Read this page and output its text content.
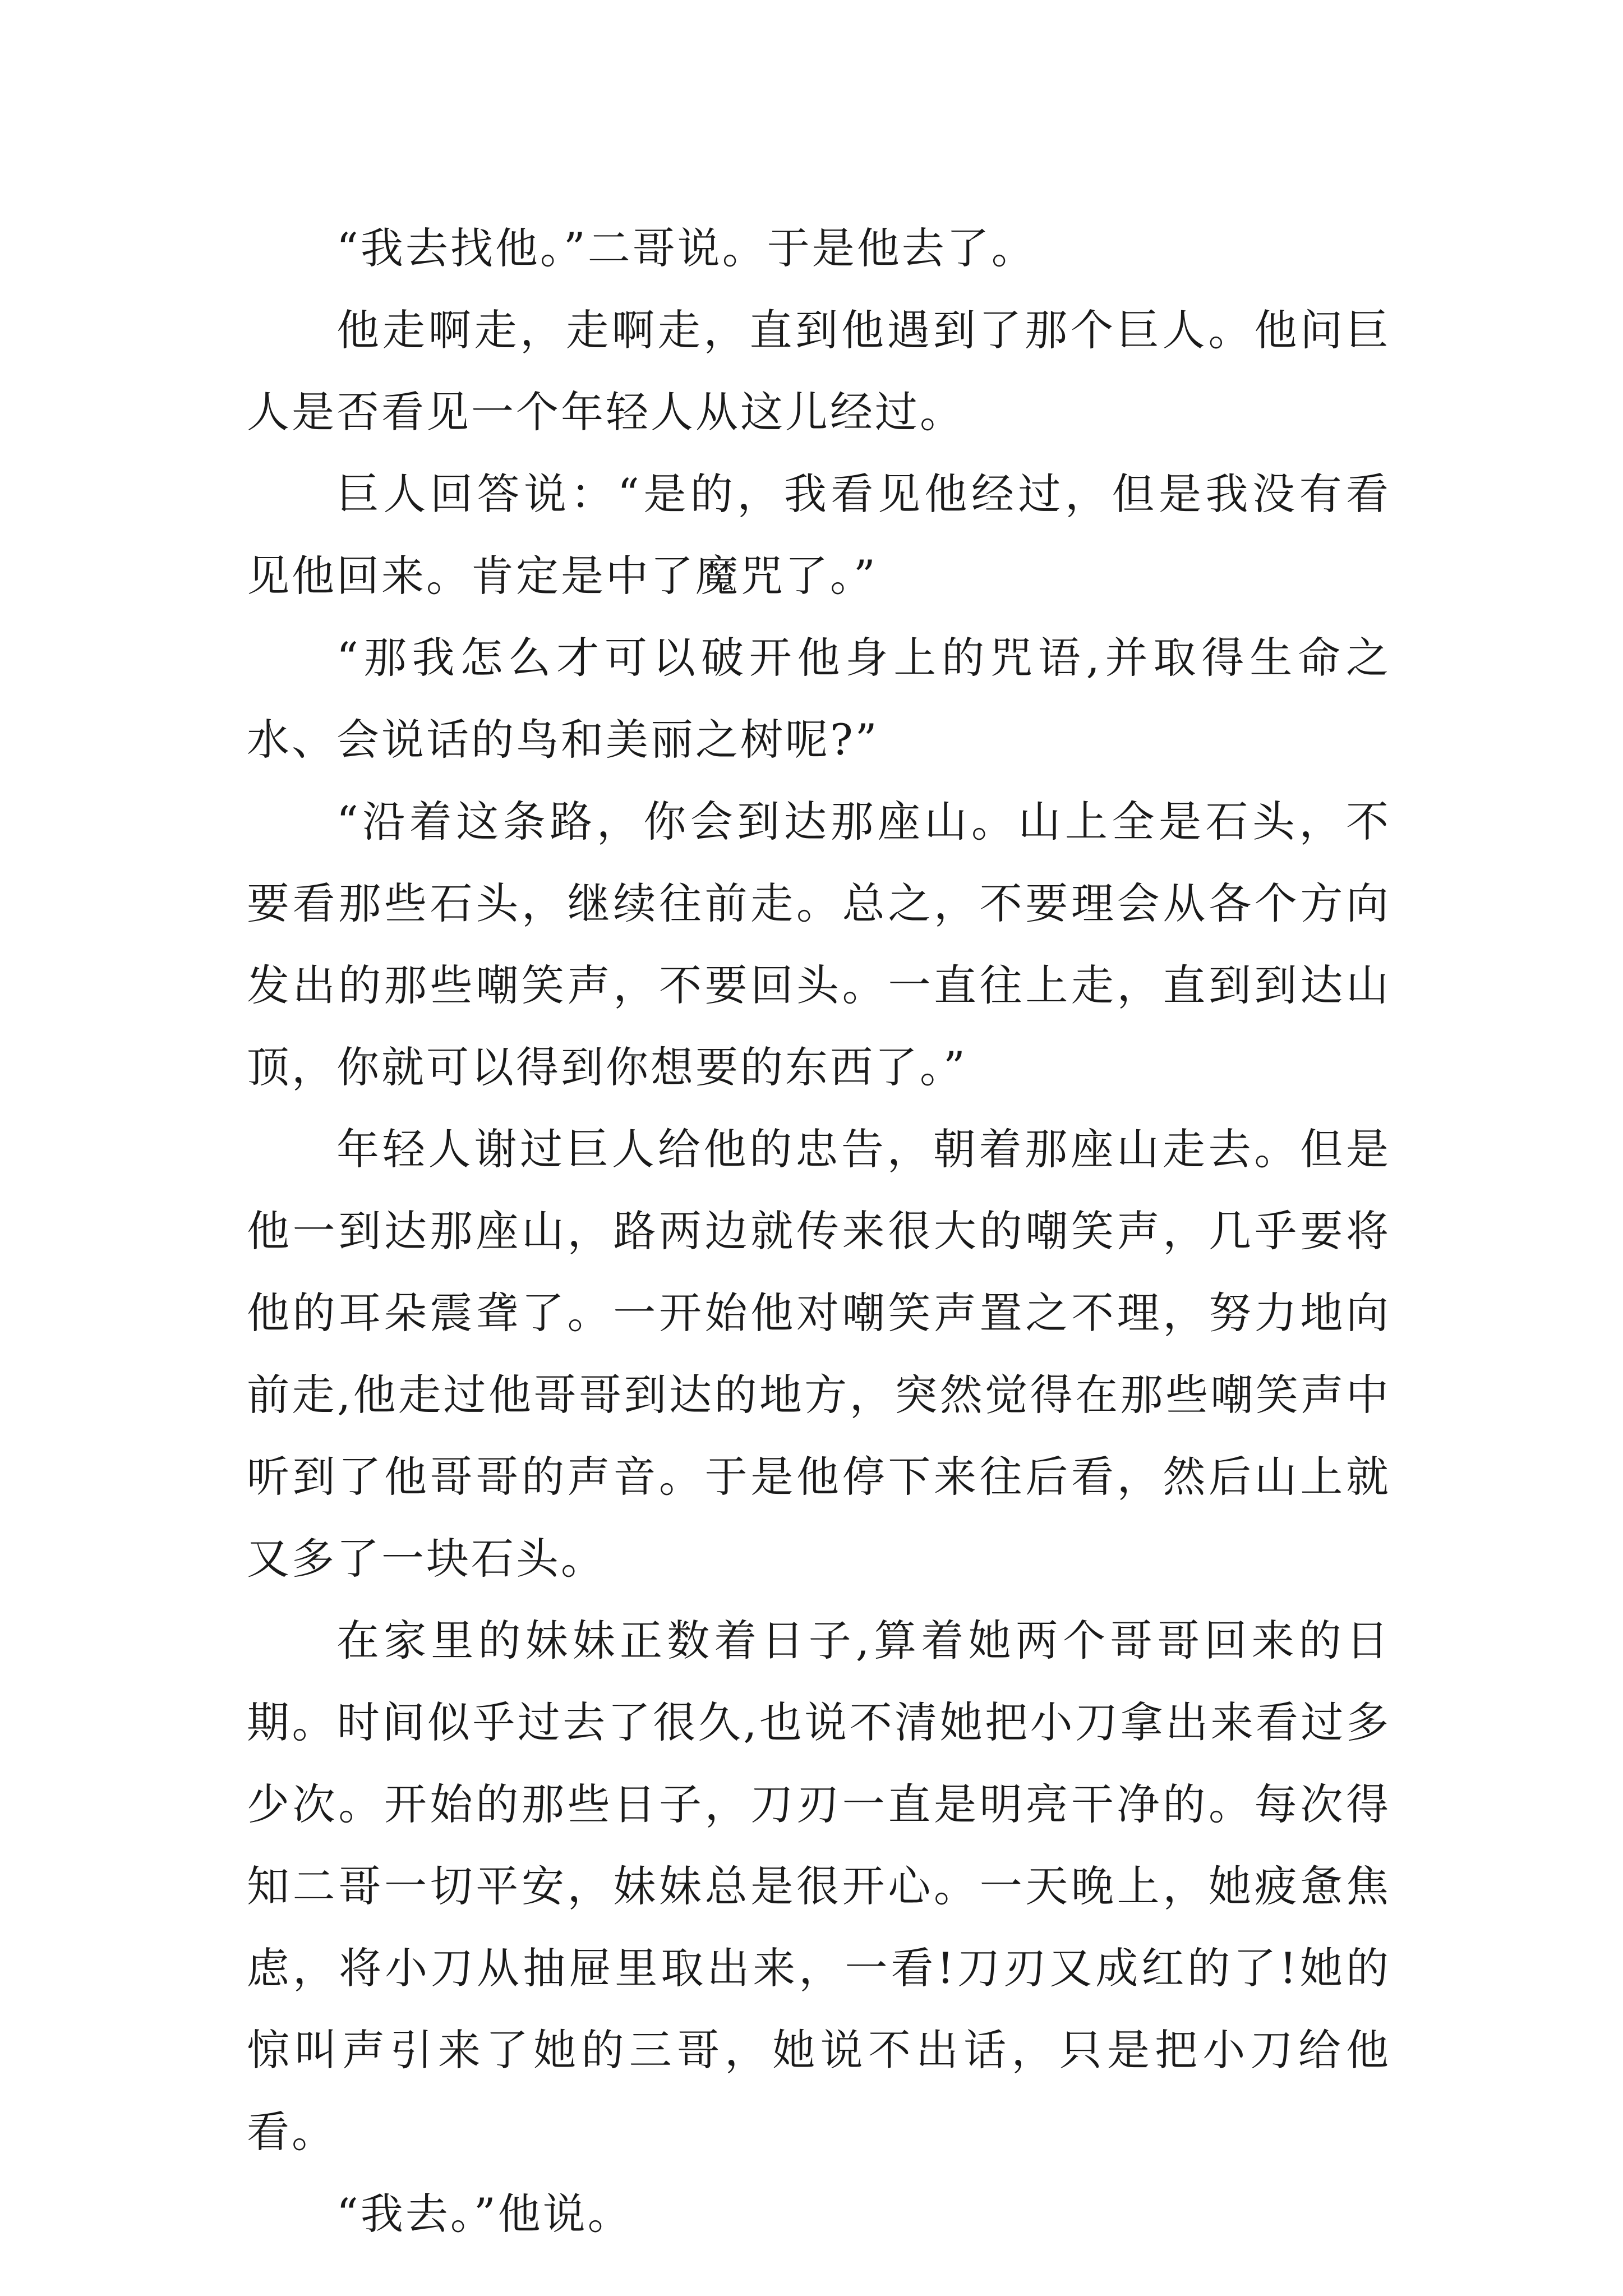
“我去找他。”二哥说。于是他去了。

他走啊走，走啊走，直到他遇到了那个巨人。他问巨人是否看见一个年轻人从这儿经过。

巨人回答说：“是的，我看见他经过，但是我没有看见他回来。肯定是中了魔咒了。”

“那我怎么才可以破开他身上的咒语,并取得生命之水、会说话的鸟和美丽之树呢?”

“沿着这条路，你会到达那座山。山上全是石头，不要看那些石头，继续往前走。总之，不要理会从各个方向发出的那些嘲笑声，不要回头。一直往上走，直到到达山顶，你就可以得到你想要的东西了。”

年轻人谢过巨人给他的忠告，朝着那座山走去。但是他一到达那座山，路两边就传来很大的嘲笑声，几乎要将他的耳朵震聋了。一开始他对嘲笑声置之不理，努力地向前走,他走过他哥哥到达的地方，突然觉得在那些嘲笑声中听到了他哥哥的声音。于是他停下来往后看，然后山上就又多了一块石头。

在家里的妹妹正数着日子,算着她两个哥哥回来的日期。时间似乎过去了很久,也说不清她把小刀拿出来看过多少次。开始的那些日子，刀刃一直是明亮干净的。每次得知二哥一切平安，妹妹总是很开心。一天晚上，她疲惫焦虑，将小刀从抽屉里取出来，一看!刀刃又成红的了!她的惊叫声引来了她的三哥，她说不出话，只是把小刀给他看。

“我去。”他说。
